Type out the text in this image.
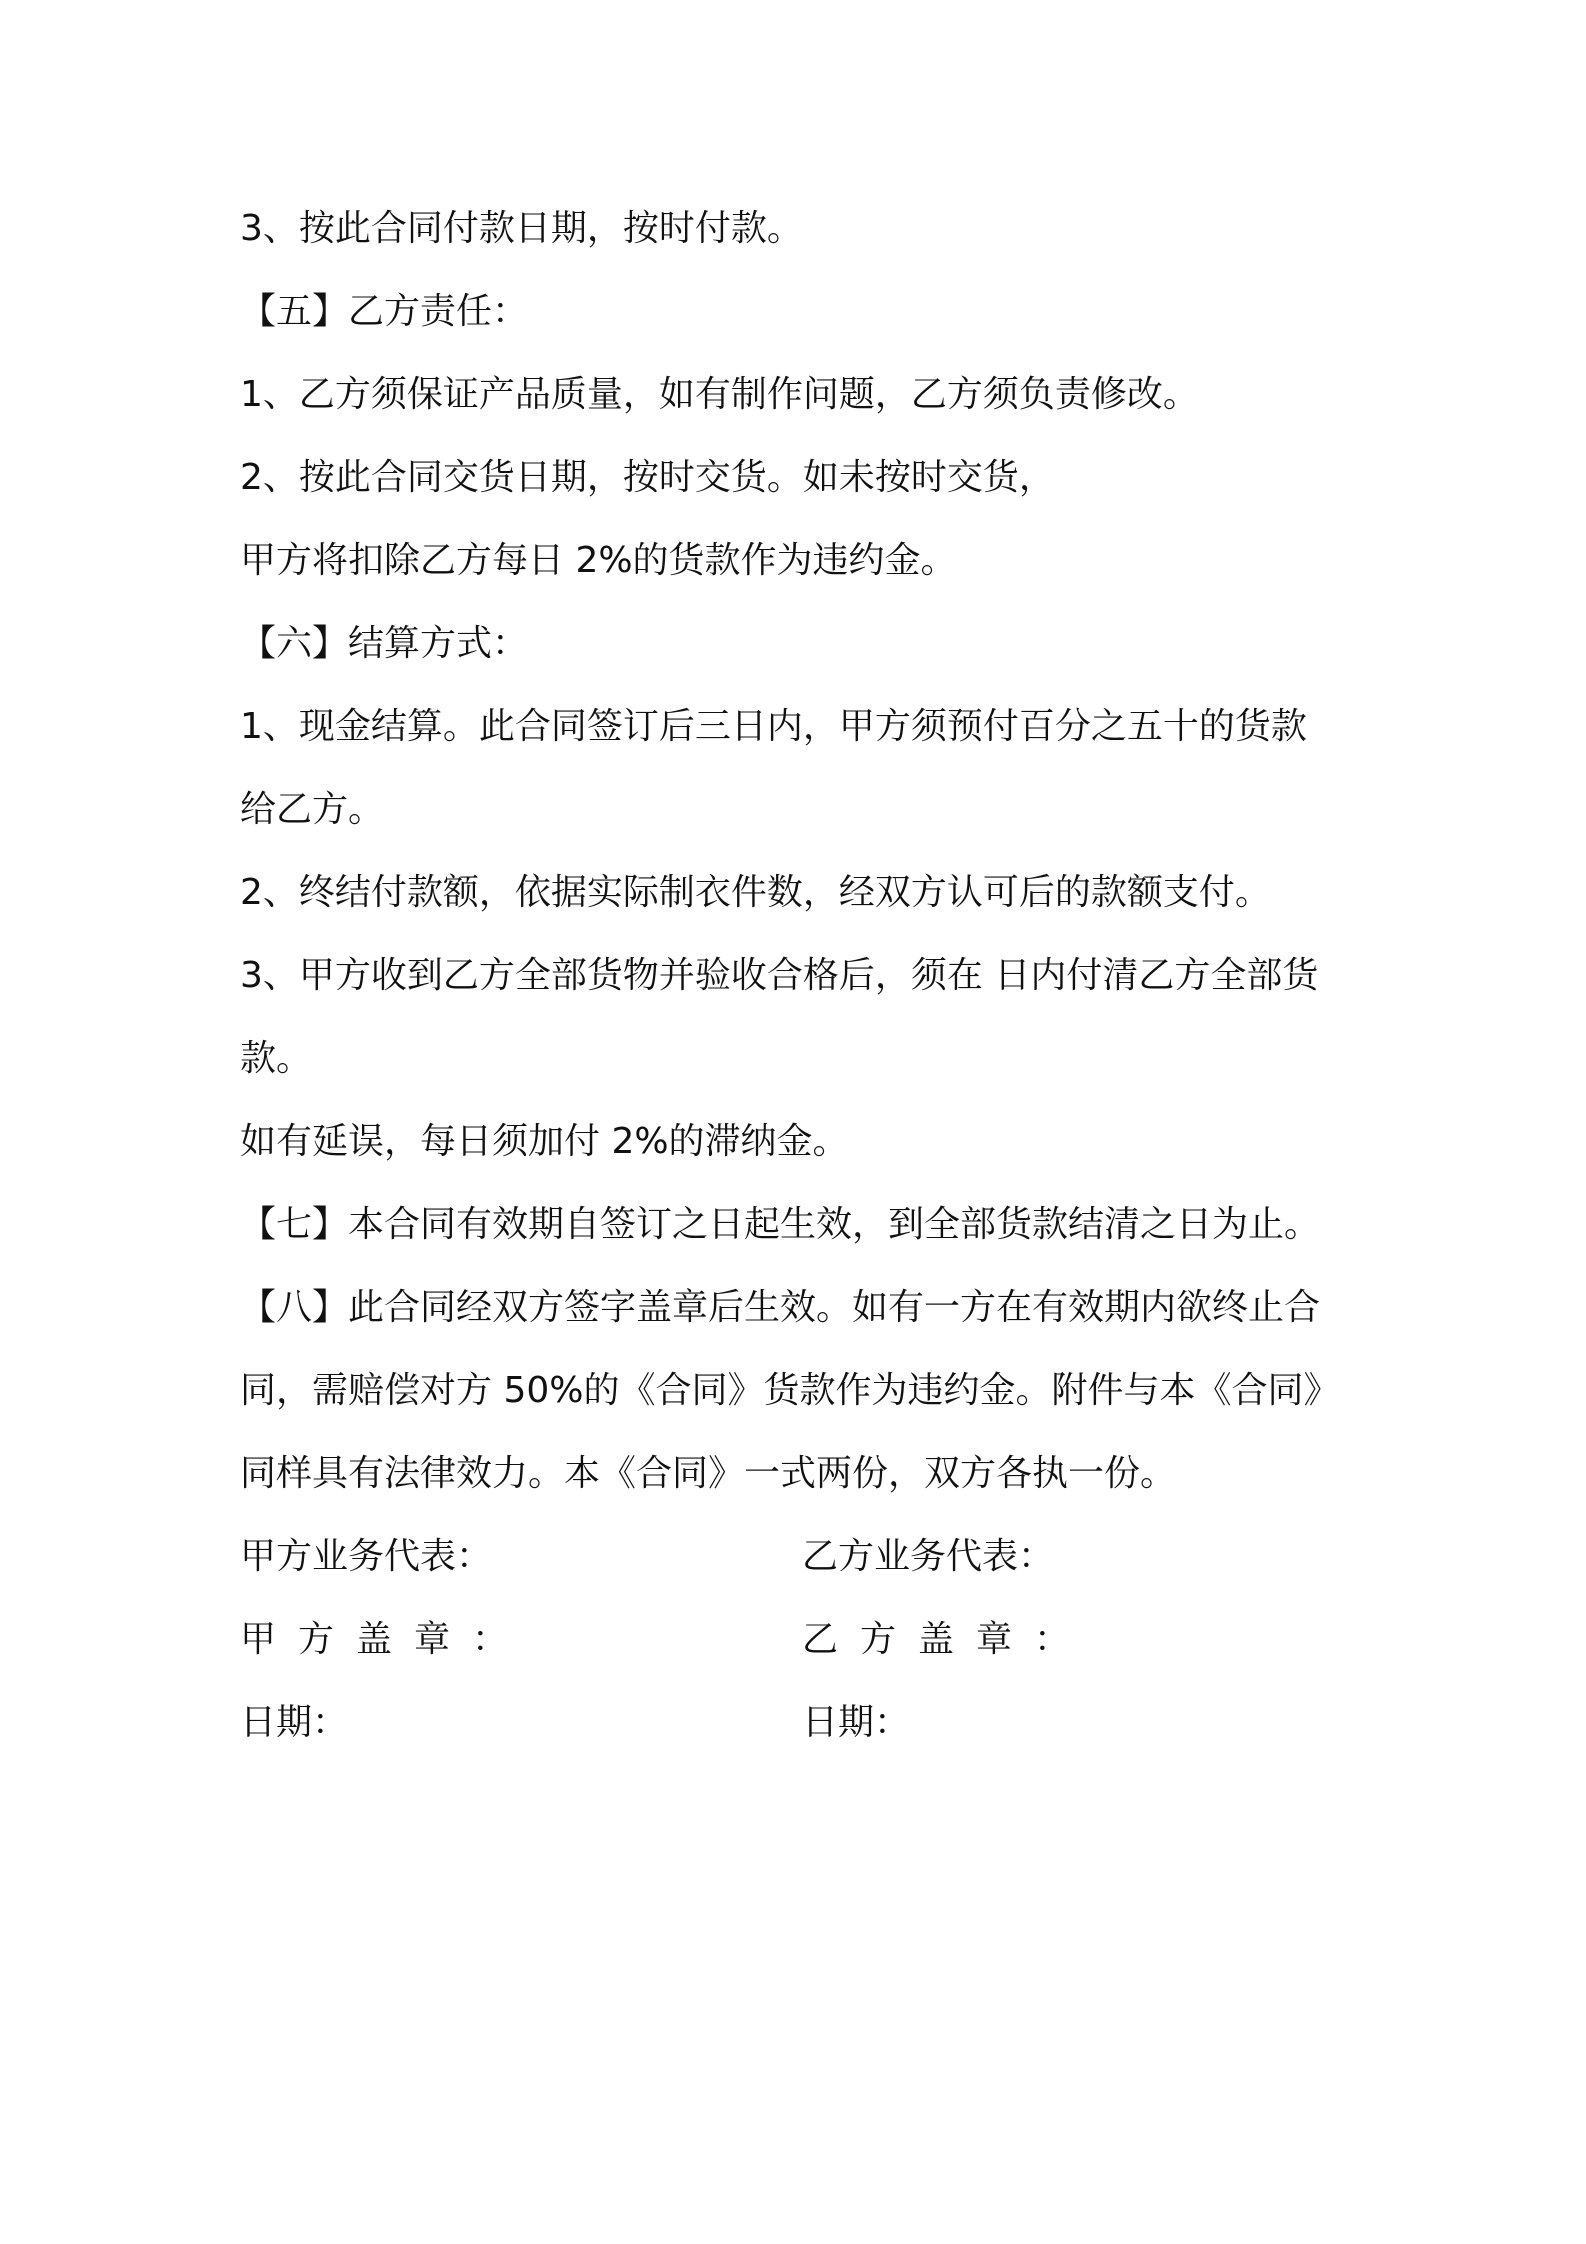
3、按此合同付款日期，按时付款。
【五】乙方责任：
1、乙方须保证产品质量，如有制作问题，乙方须负责修改。
2、按此合同交货日期，按时交货。如未按时交货，
甲方将扣除乙方每日 2%的货款作为违约金。
【六】结算方式：
1、现金结算。此合同签订后三日内，甲方须预付百分之五十的货款
给乙方。
2、终结付款额，依据实际制衣件数，经双方认可后的款额支付。
3、甲方收到乙方全部货物并验收合格后，须在 日内付清乙方全部货
款。
如有延误，每日须加付 2%的滞纳金。
【七】本合同有效期自签订之日起生效，到全部货款结清之日为止。
【八】此合同经双方签字盖章后生效。如有一方在有效期内欲终止合
同，需赔偿对方 50%的《合同》货款作为违约金。附件与本《合同》
同样具有法律效力。本《合同》一式两份，双方各执一份。
甲方业务代表：	乙方业务代表：
甲方盖章：	乙方盖章：
日期：	日期：
